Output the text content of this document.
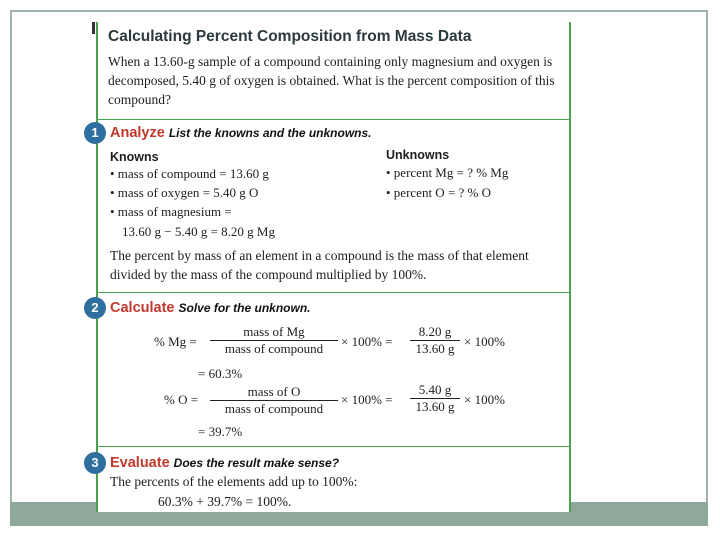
Calculating Percent Composition from Mass Data
When a 13.60-g sample of a compound containing only magnesium and oxygen is decomposed, 5.40 g of oxygen is obtained. What is the percent composition of this compound?
1 Analyze List the knowns and the unknowns.
Knowns
• mass of compound = 13.60 g
• mass of oxygen = 5.40 g O
• mass of magnesium =
13.60 g − 5.40 g = 8.20 g Mg
Unknowns
• percent Mg = ? % Mg
• percent O = ? % O
The percent by mass of an element in a compound is the mass of that element divided by the mass of the compound multiplied by 100%.
2 Calculate Solve for the unknown.
% Mg =
mass of Mg
mass of compound	× $100\% = \frac{8.20 g}{13.60 g} \times 100\%$
= 60.3%
% O =
mass of O
mass of compound
× $100\% = \frac{5.40 g}{13.60 g} \times 100\%$
= 39.7%
3 Evaluate Does the result make sense?
The percents of the elements add up to 100%:
60.3% + 39.7% = 100%.
